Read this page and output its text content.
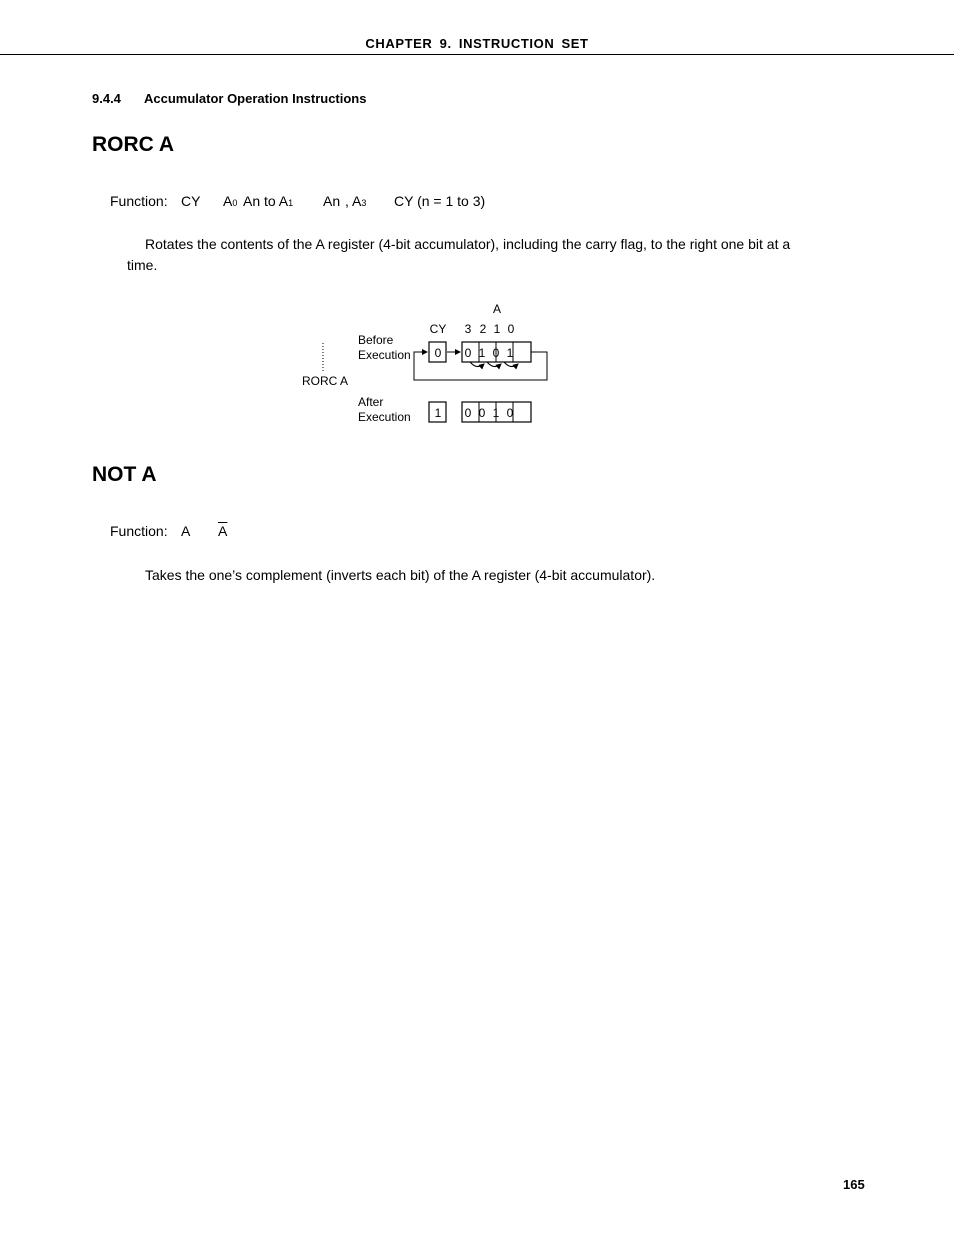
CHAPTER 9. INSTRUCTION SET
9.4.4 Accumulator Operation Instructions
RORC A
Function: CY A0 An to A1 An , A3 CY (n = 1 to 3)
Rotates the contents of the A register (4-bit accumulator), including the carry flag, to the right one bit at a
time.
A
CY 3 2 1 0
Before
Execution
After
Execution
RORC A
0 0 1 0 1
1 0 0 1 0
NOT A
Function: A $\overline{A}$
Takes the one’s complement (inverts each bit) of the A register (4-bit accumulator).
165
